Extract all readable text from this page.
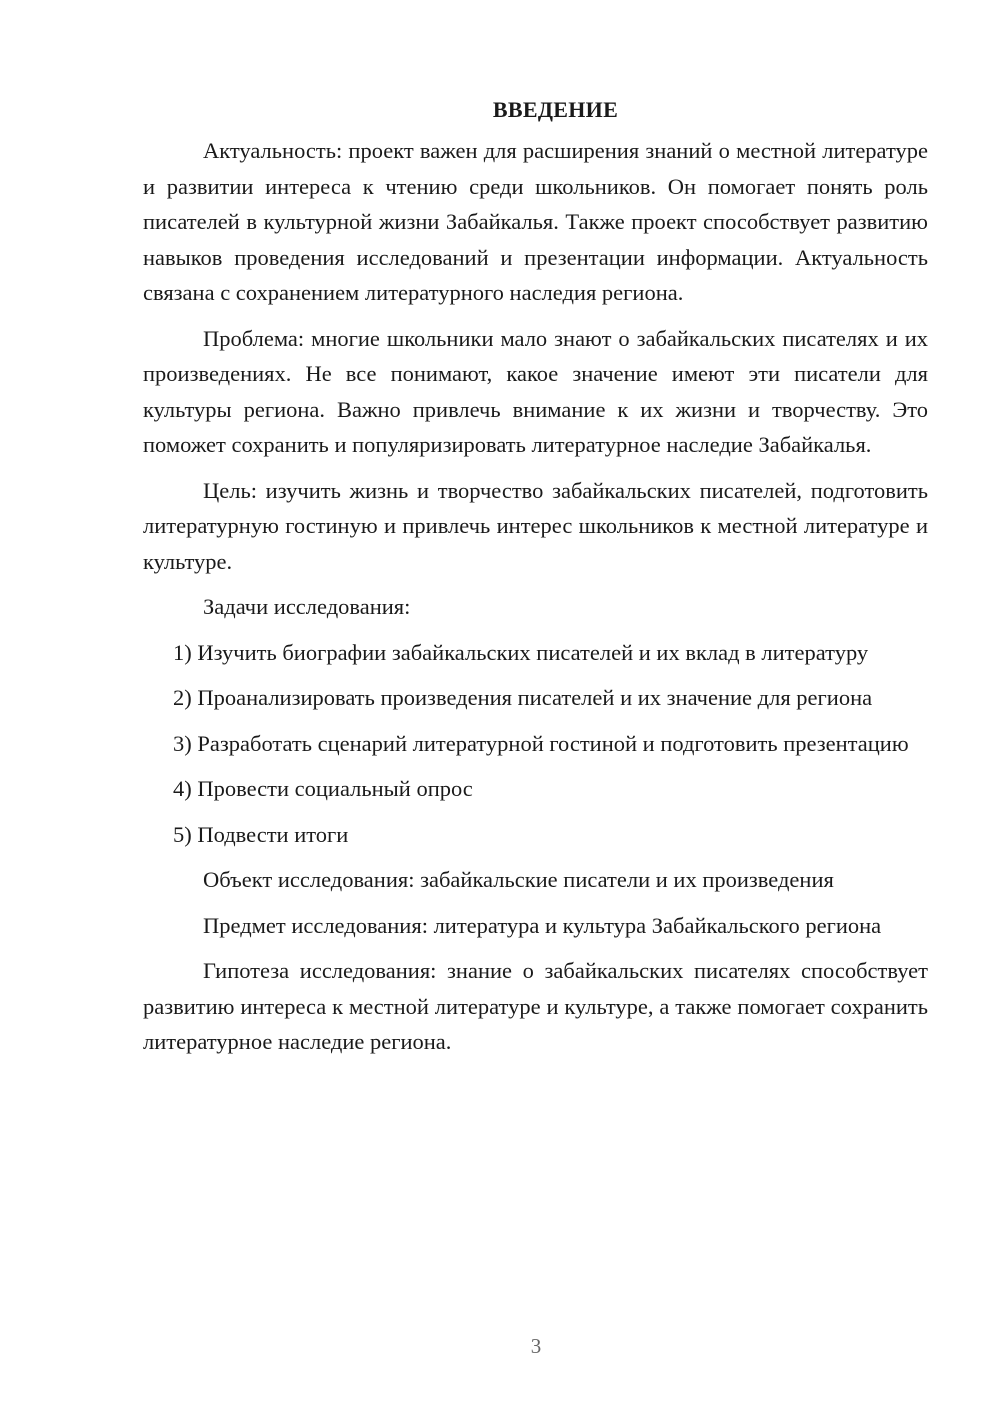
ВВЕДЕНИЕ

Актуальность: проект важен для расширения знаний о местной литературе и развитии интереса к чтению среди школьников. Он помогает понять роль писателей в культурной жизни Забайкалья. Также проект способствует развитию навыков проведения исследований и презентации информации. Актуальность связана с сохранением литературного наследия региона.

Проблема: многие школьники мало знают о забайкальских писателях и их произведениях. Не все понимают, какое значение имеют эти писатели для культуры региона. Важно привлечь внимание к их жизни и творчеству. Это поможет сохранить и популяризировать литературное наследие Забайкалья.

Цель: изучить жизнь и творчество забайкальских писателей, подготовить литературную гостиную и привлечь интерес школьников к местной литературе и культуре.

Задачи исследования:

1) Изучить биографии забайкальских писателей и их вклад в литературу

2) Проанализировать произведения писателей и их значение для региона

3) Разработать сценарий литературной гостиной и подготовить презентацию

4) Провести социальный опрос

5) Подвести итоги

Объект исследования: забайкальские писатели и их произведения

Предмет исследования: литература и культура Забайкальского региона

Гипотеза исследования: знание о забайкальских писателях способствует развитию интереса к местной литературе и культуре, а также помогает сохранить литературное наследие региона.

3
